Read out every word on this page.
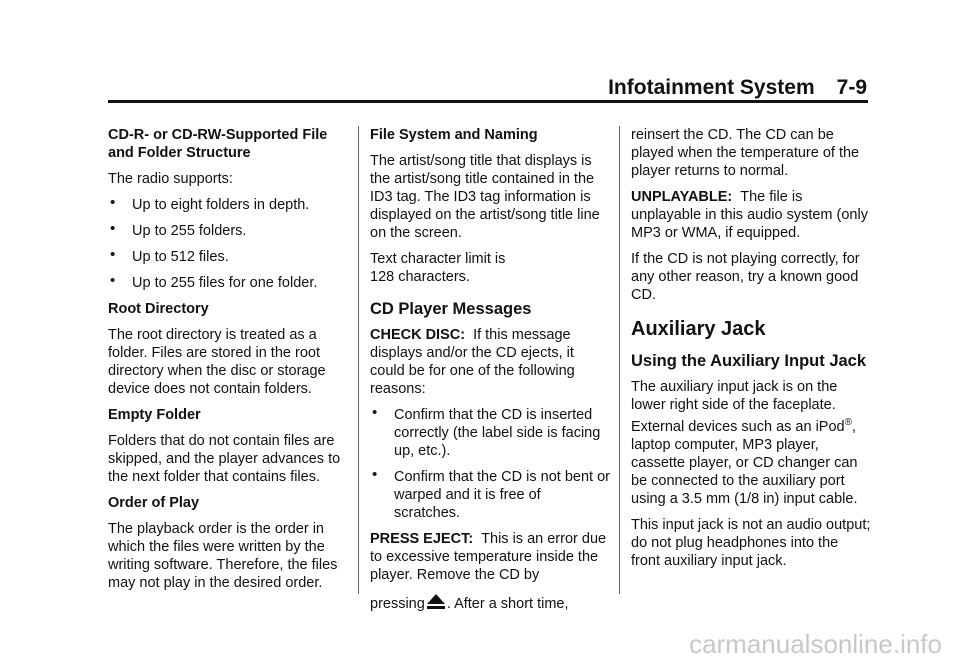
Infotainment System 7-9

CD-R- or CD-RW-Supported File and Folder Structure

The radio supports:

• Up to eight folders in depth.
• Up to 255 folders.
• Up to 512 files.
• Up to 255 files for one folder.

Root Directory

The root directory is treated as a folder. Files are stored in the root directory when the disc or storage device does not contain folders.

Empty Folder

Folders that do not contain files are skipped, and the player advances to the next folder that contains files.

Order of Play

The playback order is the order in which the files were written by the writing software. Therefore, the files may not play in the desired order.

File System and Naming

The artist/song title that displays is the artist/song title contained in the ID3 tag. The ID3 tag information is displayed on the artist/song title line on the screen.

Text character limit is
128 characters.

CD Player Messages

CHECK DISC: If this message displays and/or the CD ejects, it could be for one of the following reasons:

• Confirm that the CD is inserted correctly (the label side is facing up, etc.).
• Confirm that the CD is not bent or warped and it is free of scratches.

PRESS EJECT: This is an error due to excessive temperature inside the player. Remove the CD by

pressing . After a short time,

reinsert the CD. The CD can be played when the temperature of the player returns to normal.

UNPLAYABLE: The file is unplayable in this audio system (only MP3 or WMA, if equipped.

If the CD is not playing correctly, for any other reason, try a known good CD.

Auxiliary Jack
Using the Auxiliary Input Jack

The auxiliary input jack is on the lower right side of the faceplate. External devices such as an iPod®, laptop computer, MP3 player, cassette player, or CD changer can be connected to the auxiliary port using a 3.5 mm (1/8 in) input cable.

This input jack is not an audio output; do not plug headphones into the front auxiliary input jack.

carmanualsonline.info
